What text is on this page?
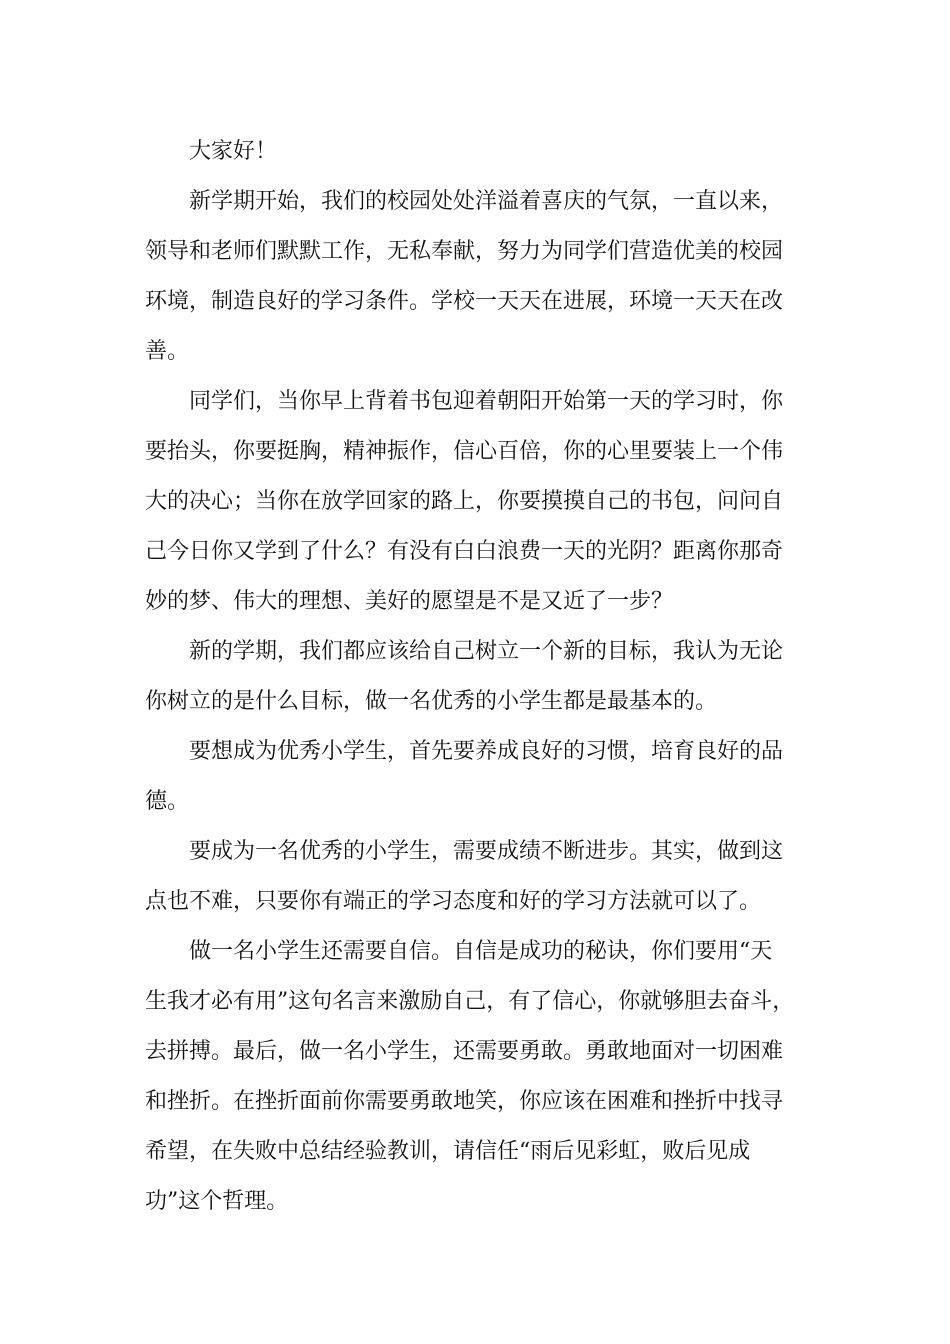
大家好！
新学期开始，我们的校园处处洋溢着喜庆的气氛，一直以来，
领导和老师们默默工作，无私奉献，努力为同学们营造优美的校园
环境，制造良好的学习条件。学校一天天在进展，环境一天天在改
善。
同学们，当你早上背着书包迎着朝阳开始第一天的学习时，你
要抬头，你要挺胸，精神振作，信心百倍，你的心里要装上一个伟
大的决心；当你在放学回家的路上，你要摸摸自己的书包，问问自
己今日你又学到了什么？有没有白白浪费一天的光阴？距离你那奇
妙的梦、伟大的理想、美好的愿望是不是又近了一步？
新的学期，我们都应该给自己树立一个新的目标，我认为无论
你树立的是什么目标，做一名优秀的小学生都是最基本的。
要想成为优秀小学生，首先要养成良好的习惯，培育良好的品
德。
要成为一名优秀的小学生，需要成绩不断进步。其实，做到这
点也不难，只要你有端正的学习态度和好的学习方法就可以了。
做一名小学生还需要自信。自信是成功的秘诀，你们要用“天
生我才必有用”这句名言来激励自己，有了信心，你就够胆去奋斗，
去拼搏。最后，做一名小学生，还需要勇敢。勇敢地面对一切困难
和挫折。在挫折面前你需要勇敢地笑，你应该在困难和挫折中找寻
希望，在失败中总结经验教训，请信任“雨后见彩虹，败后见成
功”这个哲理。
